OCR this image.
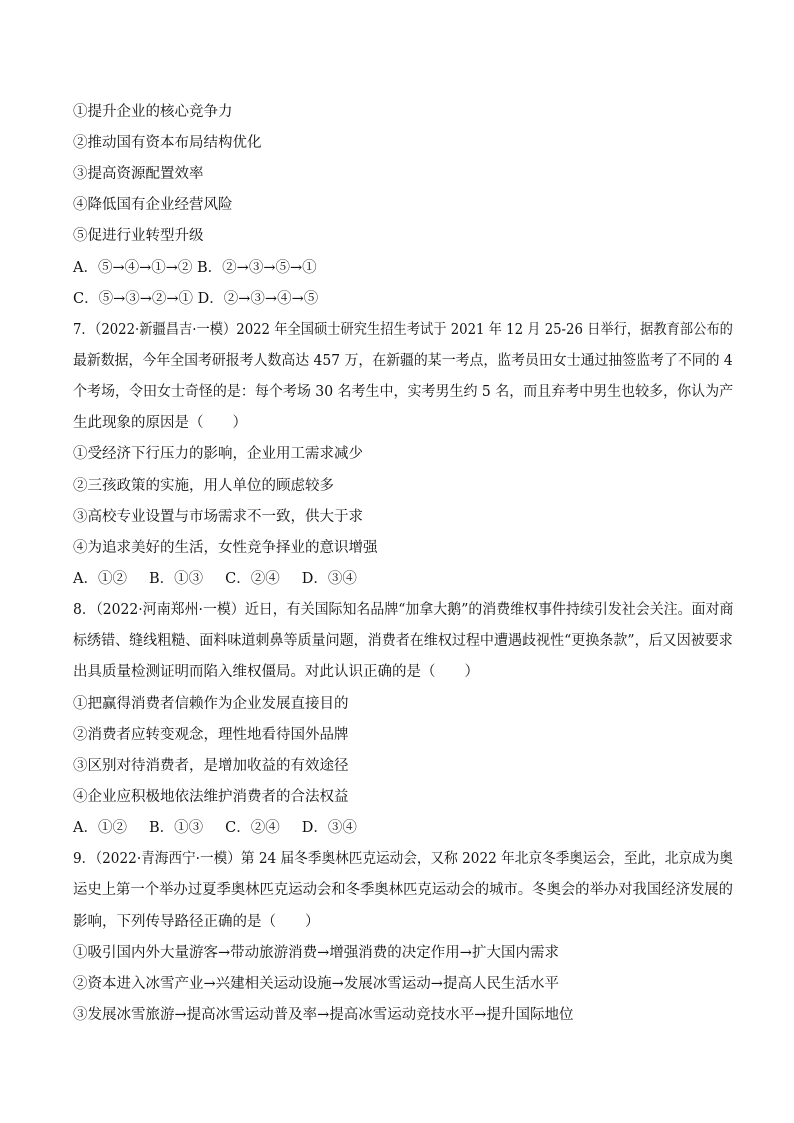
①提升企业的核心竞争力
②推动国有资本布局结构优化
③提高资源配置效率
④降低国有企业经营风险
⑤促进行业转型升级
A．⑤→④→①→② B．②→③→⑤→①
C．⑤→③→②→① D．②→③→④→⑤
7．（2022·新疆昌吉·一模）2022 年全国硕士研究生招生考试于 2021 年 12 月 25-26 日举行，据教育部公布的
最新数据，今年全国考研报考人数高达 457 万，在新疆的某一考点，监考员田女士通过抽签监考了不同的 4
个考场，令田女士奇怪的是：每个考场 30 名考生中，实考男生约 5 名，而且弃考中男生也较多，你认为产
生此现象的原因是（　　）
①受经济下行压力的影响，企业用工需求减少
②三孩政策的实施，用人单位的顾虑较多
③高校专业设置与市场需求不一致，供大于求
④为追求美好的生活，女性竞争择业的意识增强
A．①② B．①③ C．②④ D．③④
8．（2022·河南郑州·一模）近日，有关国际知名品牌“加拿大鹅”的消费维权事件持续引发社会关注。面对商
标绣错、缝线粗糙、面料味道刺鼻等质量问题，消费者在维权过程中遭遇歧视性“更换条款”，后又因被要求
出具质量检测证明而陷入维权僵局。对此认识正确的是（　　）
①把赢得消费者信赖作为企业发展直接目的
②消费者应转变观念，理性地看待国外品牌
③区别对待消费者，是增加收益的有效途径
④企业应积极地依法维护消费者的合法权益
A．①② B．①③ C．②④ D．③④
9．（2022·青海西宁·一模）第 24 届冬季奥林匹克运动会，又称 2022 年北京冬季奥运会，至此，北京成为奥
运史上第一个举办过夏季奥林匹克运动会和冬季奥林匹克运动会的城市。冬奥会的举办对我国经济发展的
影响，下列传导路径正确的是（　　）
①吸引国内外大量游客→带动旅游消费→增强消费的决定作用→扩大国内需求
②资本进入冰雪产业→兴建相关运动设施→发展冰雪运动→提高人民生活水平
③发展冰雪旅游→提高冰雪运动普及率→提高冰雪运动竞技水平→提升国际地位
